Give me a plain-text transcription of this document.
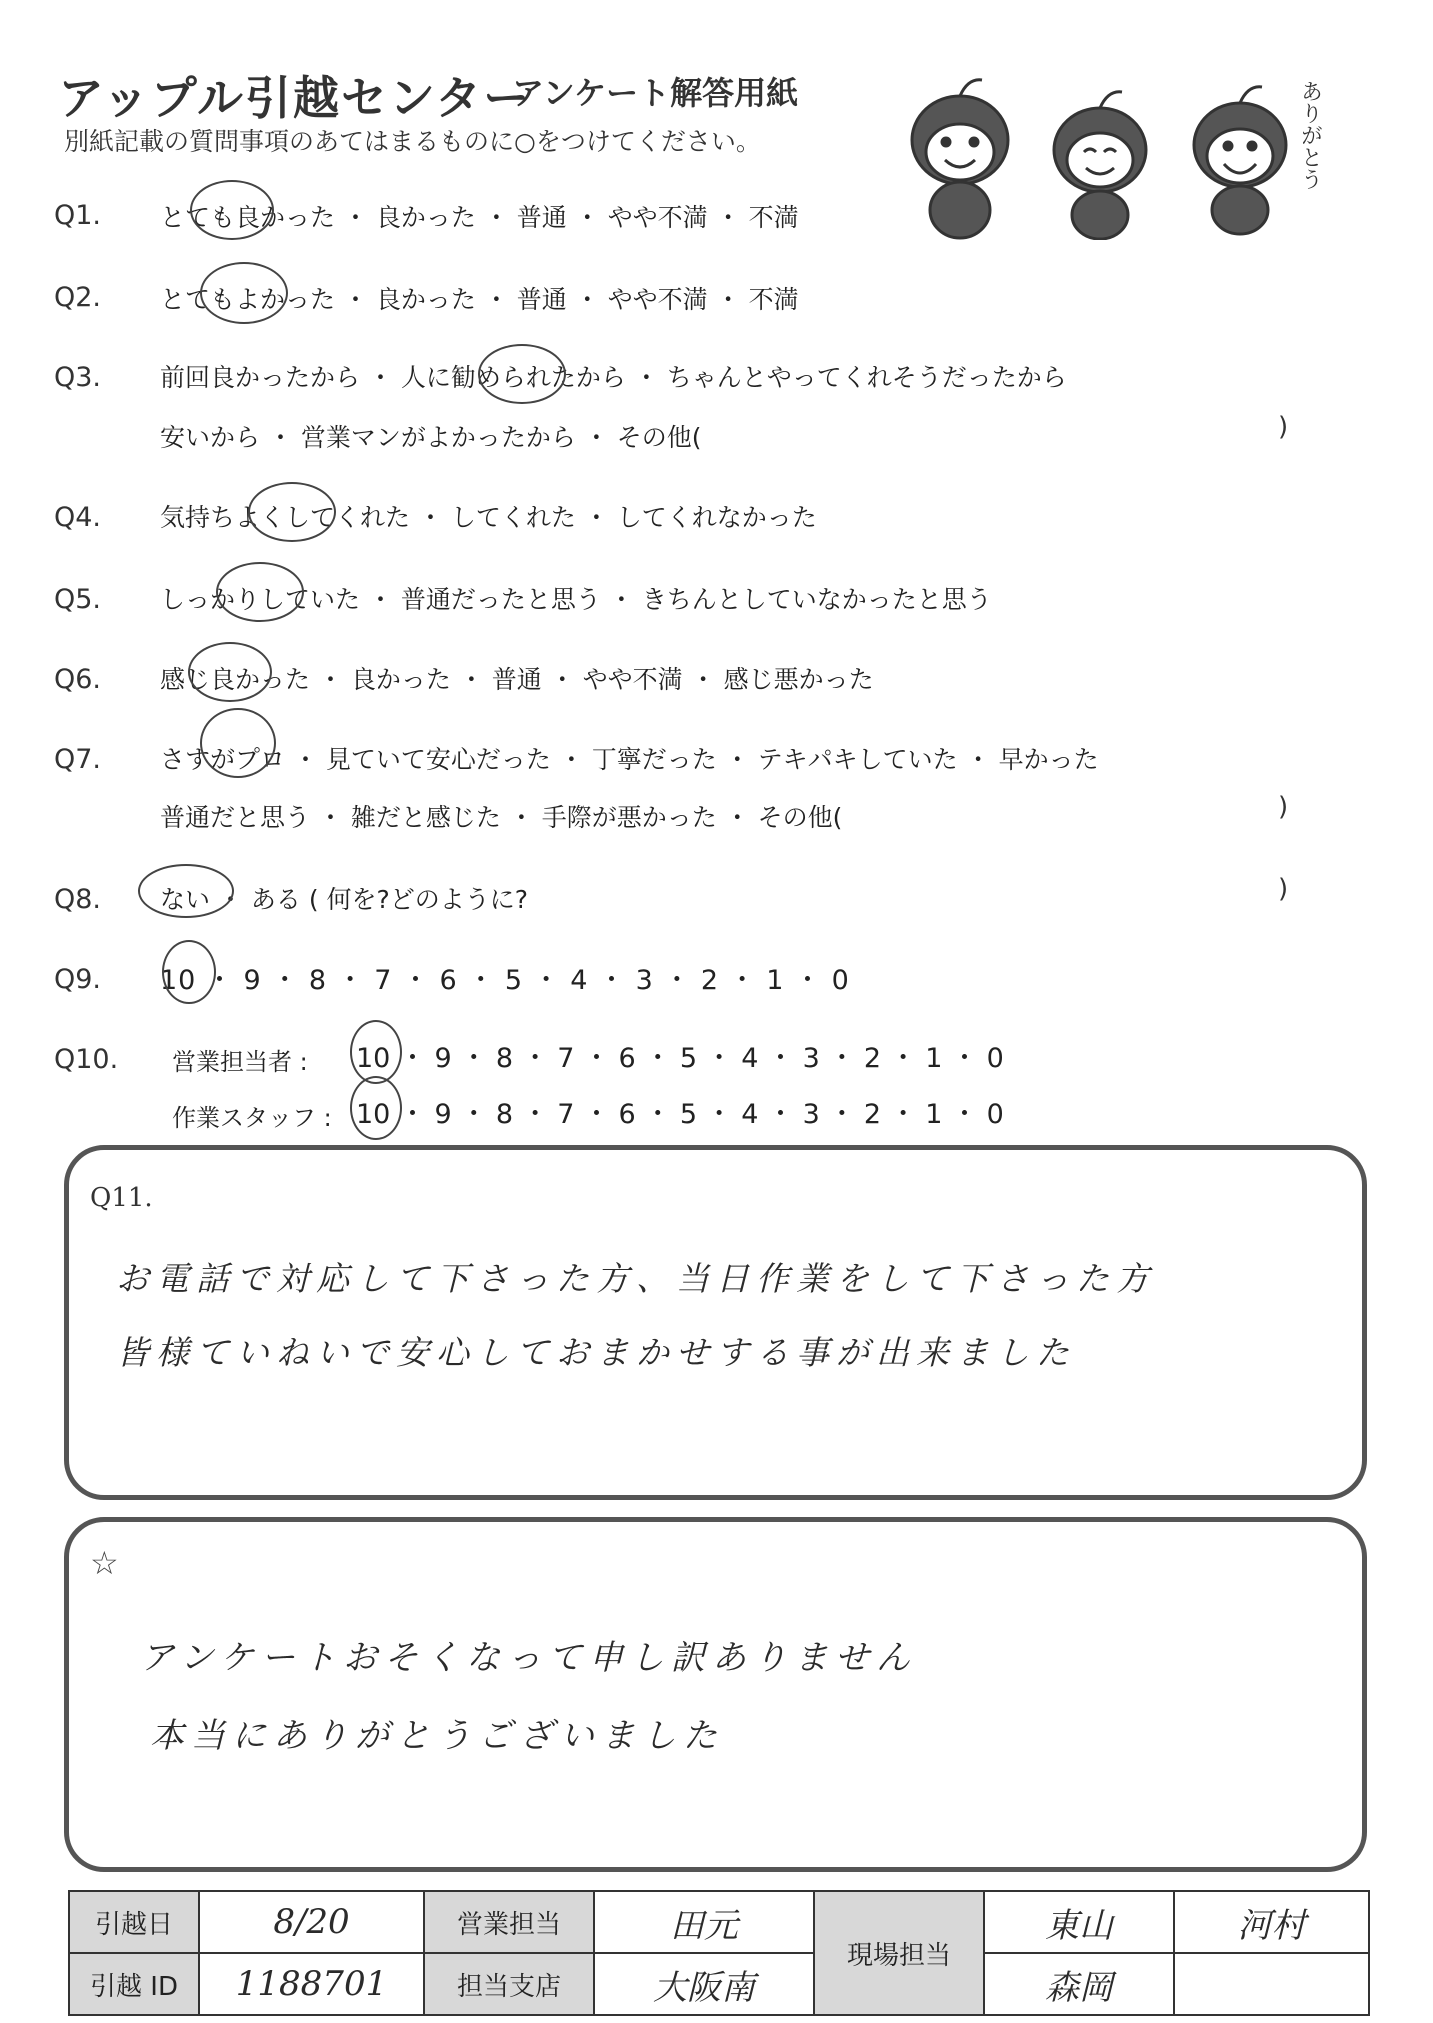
アップル引越センター
アンケート解答用紙
別紙記載の質問事項のあてはまるものに○をつけてください。	ありがとう
Q1. とても良かった ・ 良かった ・ 普通 ・ やや不満 ・ 不満
Q2. とてもよかった ・ 良かった ・ 普通 ・ やや不満 ・ 不満
Q3. 前回良かったから ・ 人に勧められたから ・ ちゃんとやってくれそうだったから
安いから ・ 営業マンがよかったから ・ その他(	)
Q4. 気持ちよくしてくれた ・ してくれた ・ してくれなかった
Q5. しっかりしていた ・ 普通だったと思う ・ きちんとしていなかったと思う
Q6. 感じ良かった ・ 良かった ・ 普通 ・ やや不満 ・ 感じ悪かった
Q7. さすがプロ ・ 見ていて安心だった ・ 丁寧だった ・ テキパキしていた ・ 早かった
普通だと思う ・ 雑だと感じた ・ 手際が悪かった ・ その他(	)
Q8. ない ・ ある ( 何を?どのように?	)
Q9. 10 ・ 9 ・ 8 ・ 7 ・ 6 ・ 5 ・ 4 ・ 3 ・ 2 ・ 1 ・ 0
Q10. 営業担当者 : 10 ・ 9 ・ 8 ・ 7 ・ 6 ・ 5 ・ 4 ・ 3 ・ 2 ・ 1 ・ 0
作業スタッフ : 10 ・ 9 ・ 8 ・ 7 ・ 6 ・ 5 ・ 4 ・ 3 ・ 2 ・ 1 ・ 0
Q11.
お電話で対応して下さった方、当日作業をして下さった方
皆様ていねいで安心しておまかせする事が出来ました
☆
アンケートおそくなって申し訳ありません
本当にありがとうございました
引越日	8/20	営業担当	田元	現場担当	東山	河村
引越 ID	1188701	担当支店	大阪南		森岡	
